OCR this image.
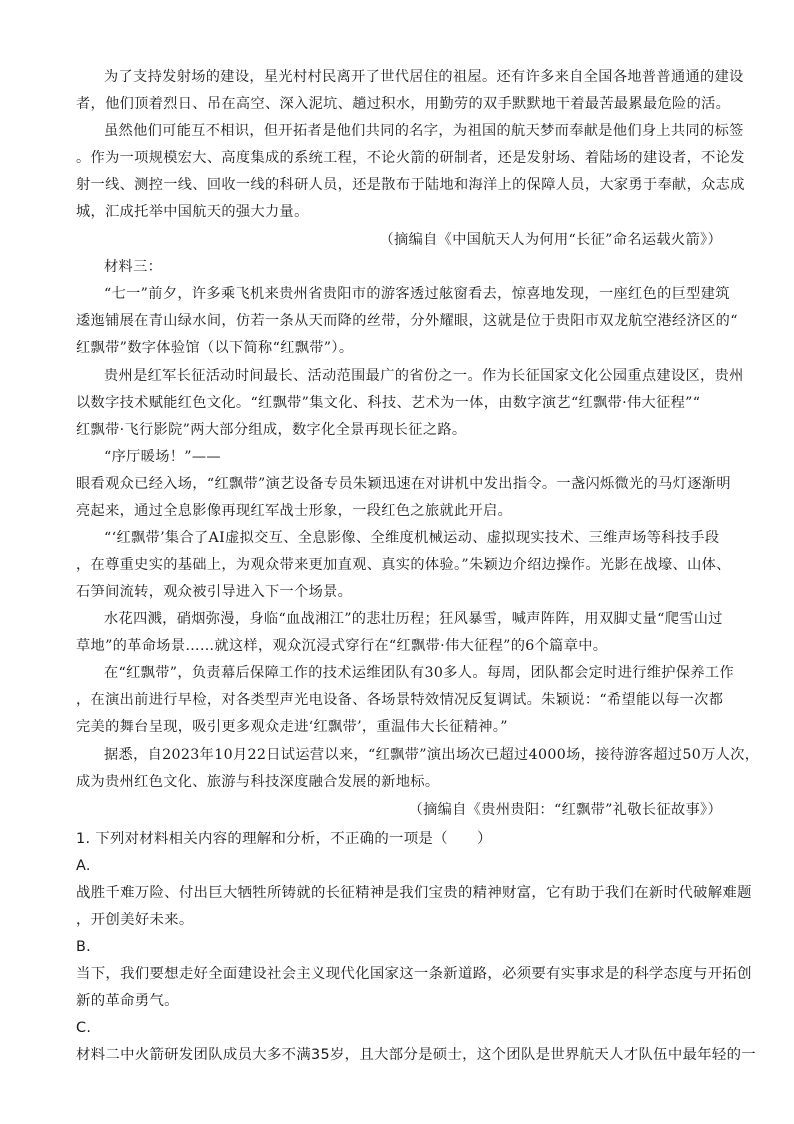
为了支持发射场的建设，星光村村民离开了世代居住的祖屋。还有许多来自全国各地普普通通的建设
者，他们顶着烈日、吊在高空、深入泥坑、趟过积水，用勤劳的双手默默地干着最苦最累最危险的活。
虽然他们可能互不相识，但开拓者是他们共同的名字，为祖国的航天梦而奉献是他们身上共同的标签
。作为一项规模宏大、高度集成的系统工程，不论火箭的研制者，还是发射场、着陆场的建设者，不论发
射一线、测控一线、回收一线的科研人员，还是散布于陆地和海洋上的保障人员，大家勇于奉献，众志成
城，汇成托举中国航天的强大力量。
（摘编自《中国航天人为何用“长征”命名运载火箭》）
材料三：
“七一”前夕，许多乘飞机来贵州省贵阳市的游客透过舷窗看去，惊喜地发现，一座红色的巨型建筑
逶迤铺展在青山绿水间，仿若一条从天而降的丝带，分外耀眼，这就是位于贵阳市双龙航空港经济区的“
红飘带”数字体验馆（以下简称“红飘带”）。
贵州是红军长征活动时间最长、活动范围最广的省份之一。作为长征国家文化公园重点建设区，贵州
以数字技术赋能红色文化。“红飘带”集文化、科技、艺术为一体，由数字演艺“红飘带·伟大征程”“
红飘带·飞行影院”两大部分组成，数字化全景再现长征之路。
“序厅暖场！”——
眼看观众已经入场，“红飘带”演艺设备专员朱颖迅速在对讲机中发出指令。一盏闪烁微光的马灯逐渐明
亮起来，通过全息影像再现红军战士形象，一段红色之旅就此开启。
“‘红飘带’集合了AI虚拟交互、全息影像、全维度机械运动、虚拟现实技术、三维声场等科技手段
，在尊重史实的基础上，为观众带来更加直观、真实的体验。”朱颖边介绍边操作。光影在战壕、山体、
石笋间流转，观众被引导进入下一个场景。
水花四溅，硝烟弥漫，身临“血战湘江”的悲壮历程；狂风暴雪，喊声阵阵，用双脚丈量“爬雪山过
草地”的革命场景……就这样，观众沉浸式穿行在“红飘带·伟大征程”的6个篇章中。
在“红飘带”，负责幕后保障工作的技术运维团队有30多人。每周，团队都会定时进行维护保养工作
，在演出前进行早检，对各类型声光电设备、各场景特效情况反复调试。朱颖说：“希望能以每一次都
完美的舞台呈现，吸引更多观众走进‘红飘带’，重温伟大长征精神。”
据悉，自2023年10月22日试运营以来，“红飘带”演出场次已超过4000场，接待游客超过50万人次，
成为贵州红色文化、旅游与科技深度融合发展的新地标。
（摘编自《贵州贵阳：“红飘带”礼敬长征故事》）
1. 下列对材料相关内容的理解和分析，不正确的一项是（　　）
A.
战胜千难万险、付出巨大牺牲所铸就的长征精神是我们宝贵的精神财富，它有助于我们在新时代破解难题
，开创美好未来。
B.
当下，我们要想走好全面建设社会主义现代化国家这一条新道路，必须要有实事求是的科学态度与开拓创
新的革命勇气。
C.
材料二中火箭研发团队成员大多不满35岁，且大部分是硕士，这个团队是世界航天人才队伍中最年轻的一
